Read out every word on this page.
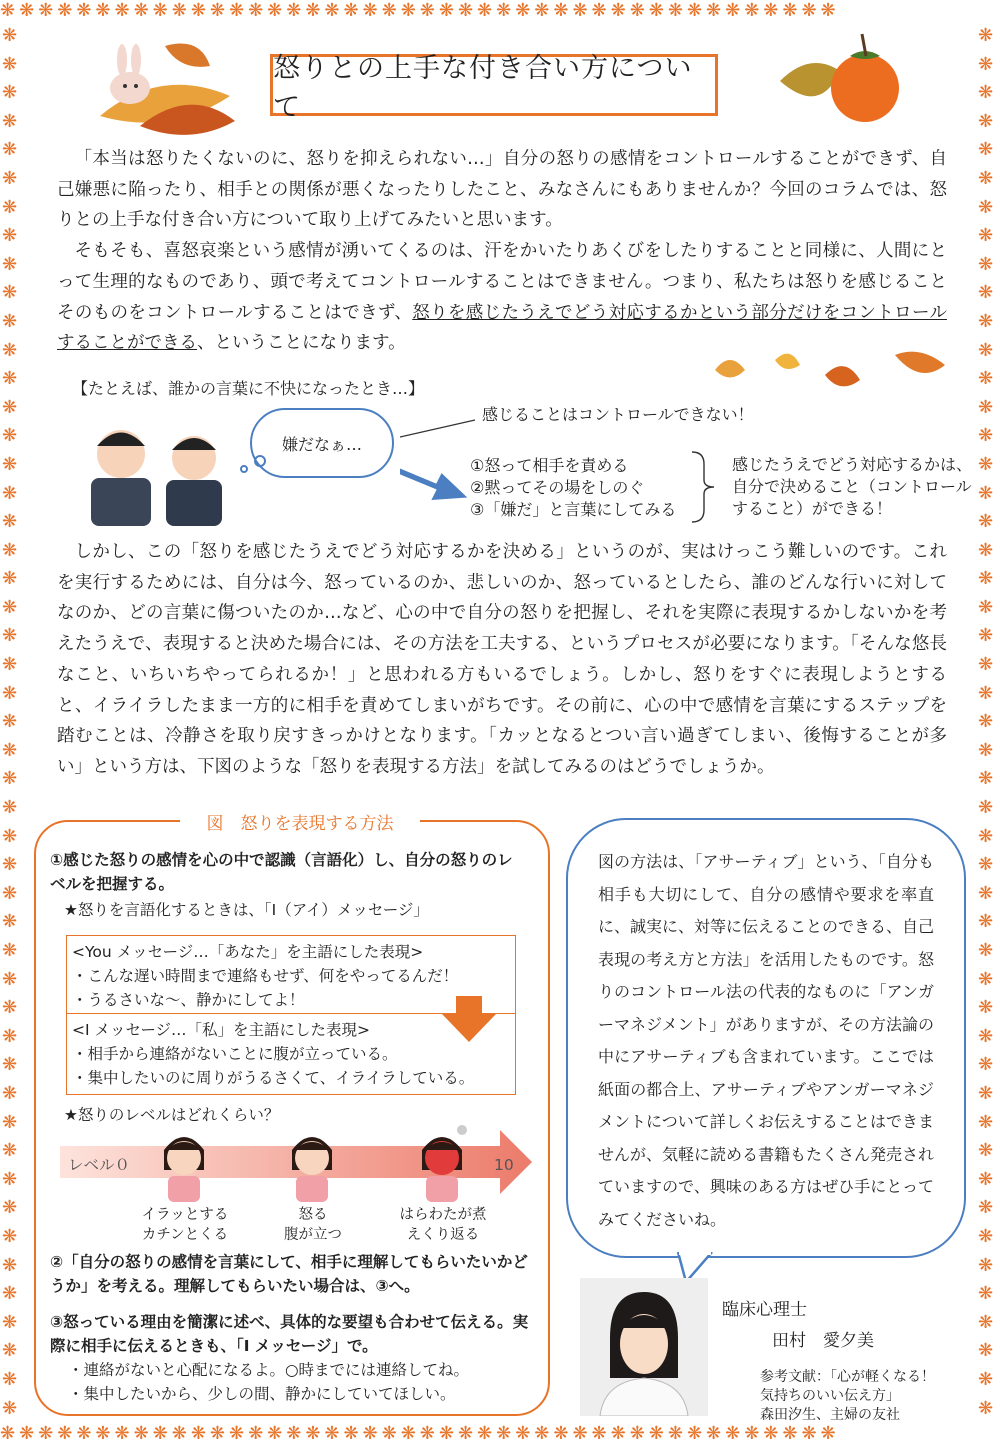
❋❋❋❋❋❋❋❋❋❋❋❋❋❋❋❋❋❋❋❋❋❋❋❋❋❋❋❋❋❋❋❋❋❋❋❋❋❋❋❋❋❋❋❋
❋❋❋❋❋❋❋❋❋❋❋❋❋❋❋❋❋❋❋❋❋❋❋❋❋❋❋❋❋❋❋❋❋❋❋❋❋❋❋❋❋❋❋❋
❋❋❋❋❋❋❋❋❋❋❋❋❋❋❋❋❋❋❋❋❋❋❋❋❋❋❋❋❋❋❋❋❋❋❋❋❋❋❋❋❋❋❋❋❋❋❋❋❋
❋❋❋❋❋❋❋❋❋❋❋❋❋❋❋❋❋❋❋❋❋❋❋❋❋❋❋❋❋❋❋❋❋❋❋❋❋❋❋❋❋❋❋❋❋❋❋❋❋
怒りとの上手な付き合い方について

「本当は怒りたくないのに、怒りを抑えられない…」自分の怒りの感情をコントロールすることができず、自己嫌悪に陥ったり、相手との関係が悪くなったりしたこと、みなさんにもありませんか？今回のコラムでは、怒りとの上手な付き合い方について取り上げてみたいと思います。

そもそも、喜怒哀楽という感情が湧いてくるのは、汗をかいたりあくびをしたりすることと同様に、人間にとって生理的なものであり、頭で考えてコントロールすることはできません。つまり、私たちは怒りを感じることそのものをコントロールすることはできず、怒りを感じたうえでどう対応するかという部分だけをコントロールすることができる、ということになります。

【たとえば、誰かの言葉に不快になったとき…】
嫌だなぁ…
感じることはコントロールできない！
①怒って相手を責める
②黙ってその場をしのぐ
③「嫌だ」と言葉にしてみる
感じたうえでどう対応するかは、自分で決めること（コントロールすること）ができる！

しかし、この「怒りを感じたうえでどう対応するかを決める」というのが、実はけっこう難しいのです。これを実行するためには、自分は今、怒っているのか、悲しいのか、怒っているとしたら、誰のどんな行いに対してなのか、どの言葉に傷ついたのか…など、心の中で自分の怒りを把握し、それを実際に表現するかしないかを考えたうえで、表現すると決めた場合には、その方法を工夫する、というプロセスが必要になります。「そんな悠長なこと、いちいちやってられるか！」と思われる方もいるでしょう。しかし、怒りをすぐに表現しようとすると、イライラしたまま一方的に相手を責めてしまいがちです。その前に、心の中で感情を言葉にするステップを踏むことは、冷静さを取り戻すきっかけとなります。「カッとなるとつい言い過ぎてしまい、後悔することが多い」という方は、下図のような「怒りを表現する方法」を試してみるのはどうでしょうか。

図　怒りを表現する方法
①感じた怒りの感情を心の中で認識（言語化）し、自分の怒りのレベルを把握する。
★怒りを言語化するときは、「I（アイ）メッセージ」
<You メッセージ…「あなた」を主語にした表現>
・こんな遅い時間まで連絡もせず、何をやってるんだ！
・うるさいな～、静かにしてよ！
<I メッセージ…「私」を主語にした表現>
・相手から連絡がないことに腹が立っている。
・集中したいのに周りがうるさくて、イライラしている。
★怒りのレベルはどれくらい？
レベル０	10
イラッとする
カチンとくる
怒る
腹が立つ
はらわたが煮
えくり返る
②「自分の怒りの感情を言葉にして、相手に理解してもらいたいかどうか」を考える。理解してもらいたい場合は、③へ。
③怒っている理由を簡潔に述べ、具体的な要望も合わせて伝える。実際に相手に伝えるときも、「I メッセージ」で。
・連絡がないと心配になるよ。○時までには連絡してね。
・集中したいから、少しの間、静かにしていてほしい。
図の方法は、「アサーティブ」という、「自分も相手も大切にして、自分の感情や要求を率直に、誠実に、対等に伝えることのできる、自己表現の考え方と方法」を活用したものです。怒りのコントロール法の代表的なものに「アンガーマネジメント」がありますが、その方法論の中にアサーティブも含まれています。ここでは紙面の都合上、アサーティブやアンガーマネジメントについて詳しくお伝えすることはできませんが、気軽に読める書籍もたくさん発売されていますので、興味のある方はぜひ手にとってみてくださいね。
臨床心理士
田村　愛夕美
参考文献：「心が軽くなる！
気持ちのいい伝え方」
森田汐生、主婦の友社
